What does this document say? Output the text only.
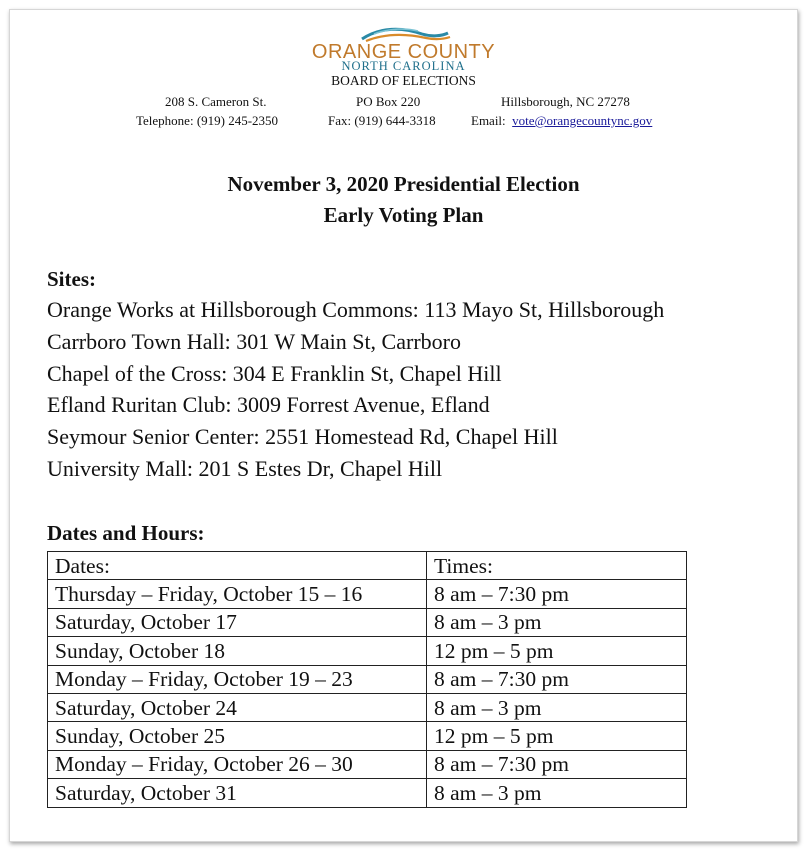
ORANGE COUNTY
NORTH CAROLINA
BOARD OF ELECTIONS
208 S. Cameron St.	PO Box 220	Hillsborough, NC 27278
Telephone: (919) 245-2350	Fax: (919) 644-3318	Email: vote@orangecountync.gov
November 3, 2020 Presidential Election
Early Voting Plan
Sites:
Orange Works at Hillsborough Commons: 113 Mayo St, Hillsborough
Carrboro Town Hall: 301 W Main St, Carrboro
Chapel of the Cross: 304 E Franklin St, Chapel Hill
Efland Ruritan Club: 3009 Forrest Avenue, Efland
Seymour Senior Center: 2551 Homestead Rd, Chapel Hill
University Mall: 201 S Estes Dr, Chapel Hill
Dates and Hours:
Dates:	Times:
Thursday – Friday, October 15 – 16	8 am – 7:30 pm
Saturday, October 17	8 am – 3 pm
Sunday, October 18	12 pm – 5 pm
Monday – Friday, October 19 – 23	8 am – 7:30 pm
Saturday, October 24	8 am – 3 pm
Sunday, October 25	12 pm – 5 pm
Monday – Friday, October 26 – 30	8 am – 7:30 pm
Saturday, October 31	8 am – 3 pm
